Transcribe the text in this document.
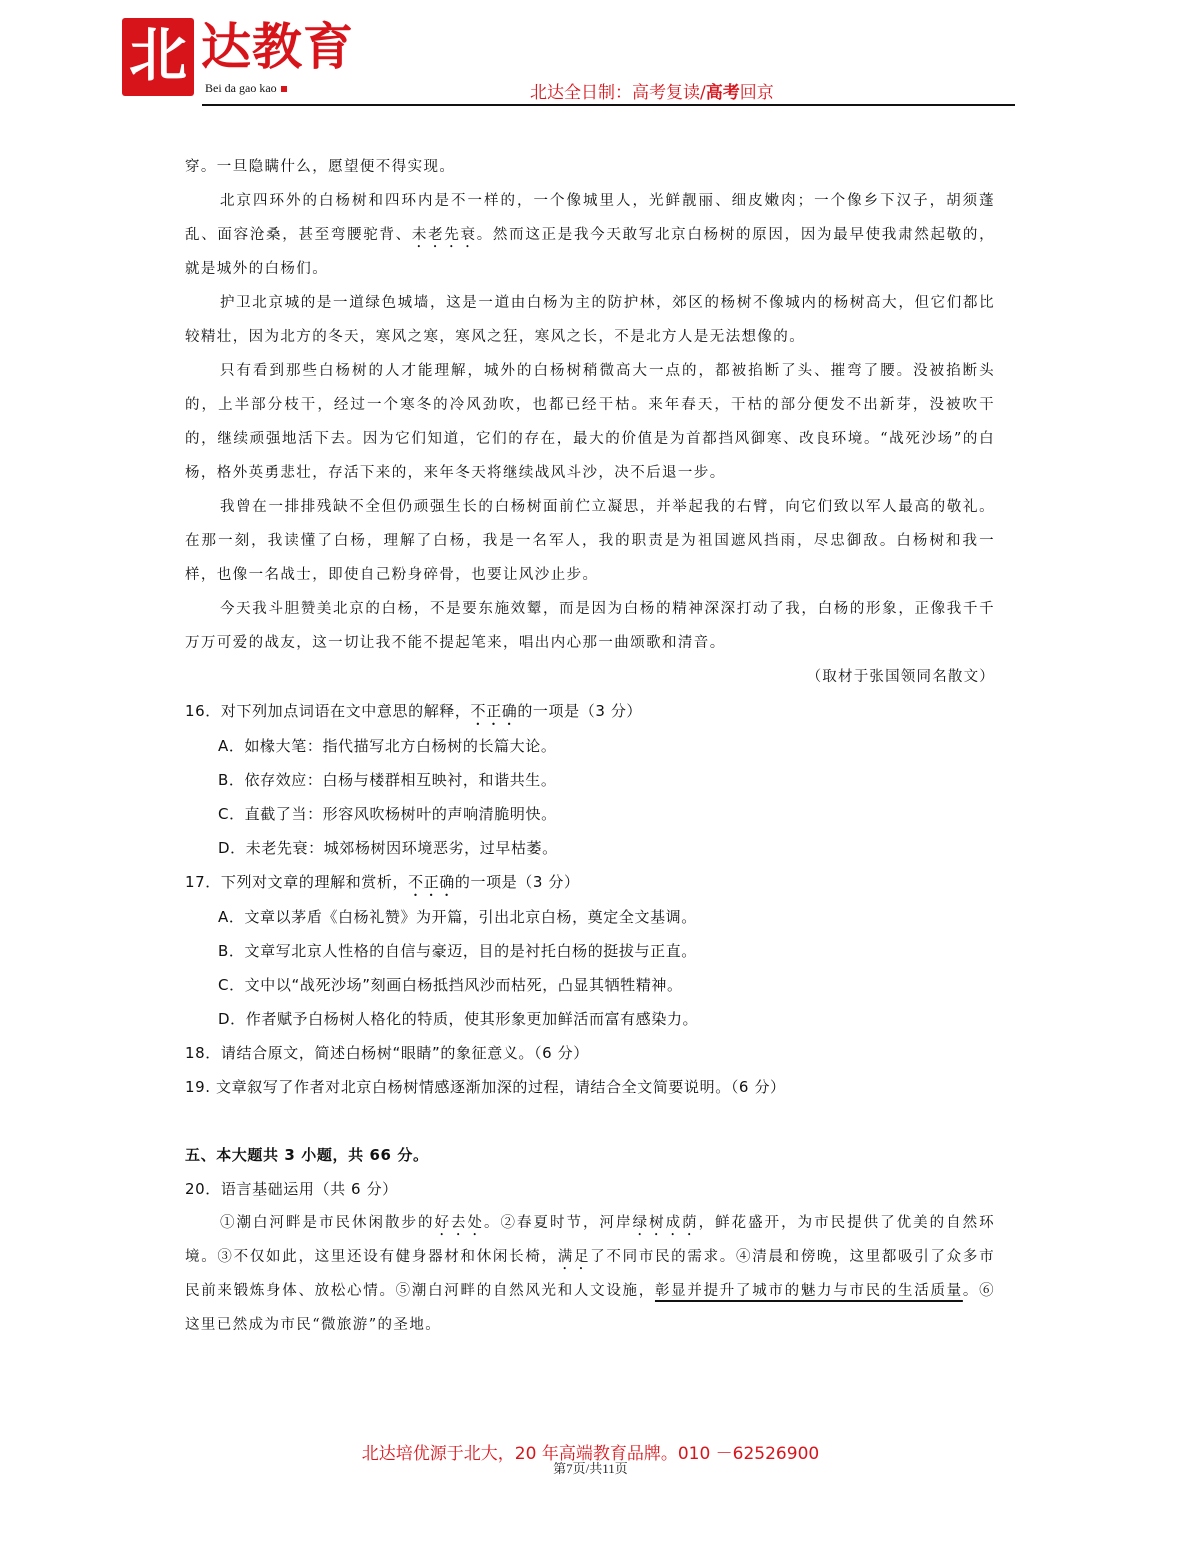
北 达教育
Bei da gao kao	北达全日制：高考复读/高考回京

穿。一旦隐瞒什么，愿望便不得实现。

北京四环外的白杨树和四环内是不一样的，一个像城里人，光鲜靓丽、细皮嫩肉；一个像乡下汉子，胡须蓬乱、面容沧桑，甚至弯腰驼背、未老先衰。然而这正是我今天敢写北京白杨树的原因，因为最早使我肃然起敬的，就是城外的白杨们。

护卫北京城的是一道绿色城墙，这是一道由白杨为主的防护林，郊区的杨树不像城内的杨树高大，但它们都比较精壮，因为北方的冬天，寒风之寒，寒风之狂，寒风之长，不是北方人是无法想像的。

只有看到那些白杨树的人才能理解，城外的白杨树稍微高大一点的，都被掐断了头、摧弯了腰。没被掐断头的，上半部分枝干，经过一个寒冬的冷风劲吹，也都已经干枯。来年春天，干枯的部分便发不出新芽，没被吹干的，继续顽强地活下去。因为它们知道，它们的存在，最大的价值是为首都挡风御寒、改良环境。“战死沙场”的白杨，格外英勇悲壮，存活下来的，来年冬天将继续战风斗沙，决不后退一步。

我曾在一排排残缺不全但仍顽强生长的白杨树面前伫立凝思，并举起我的右臂，向它们致以军人最高的敬礼。在那一刻，我读懂了白杨，理解了白杨，我是一名军人，我的职责是为祖国遮风挡雨，尽忠御敌。白杨树和我一样，也像一名战士，即使自己粉身碎骨，也要让风沙止步。

今天我斗胆赞美北京的白杨，不是要东施效颦，而是因为白杨的精神深深打动了我，白杨的形象，正像我千千万万可爱的战友，这一切让我不能不提起笔来，唱出内心那一曲颂歌和清音。

（取材于张国领同名散文）

16．对下列加点词语在文中意思的解释，不正确的一项是（3 分）

A．如椽大笔：指代描写北方白杨树的长篇大论。

B．依存效应：白杨与楼群相互映衬，和谐共生。

C．直截了当：形容风吹杨树叶的声响清脆明快。

D．未老先衰：城郊杨树因环境恶劣，过早枯萎。

17．下列对文章的理解和赏析，不正确的一项是（3 分）

A．文章以茅盾《白杨礼赞》为开篇，引出北京白杨，奠定全文基调。

B．文章写北京人性格的自信与豪迈，目的是衬托白杨的挺拔与正直。

C．文中以“战死沙场”刻画白杨抵挡风沙而枯死，凸显其牺牲精神。

D．作者赋予白杨树人格化的特质，使其形象更加鲜活而富有感染力。

18．请结合原文，简述白杨树“眼睛”的象征意义。（6 分）

19. 文章叙写了作者对北京白杨树情感逐渐加深的过程，请结合全文简要说明。（6 分）

五、本大题共 3 小题，共 66 分。

20．语言基础运用（共 6 分）

①潮白河畔是市民休闲散步的好去处。②春夏时节，河岸绿树成荫，鲜花盛开，为市民提供了优美的自然环境。③不仅如此，这里还设有健身器材和休闲长椅，满足了不同市民的需求。④清晨和傍晚，这里都吸引了众多市民前来锻炼身体、放松心情。⑤潮白河畔的自然风光和人文设施，彰显并提升了城市的魅力与市民的生活质量。⑥这里已然成为市民“微旅游”的圣地。

北达培优源于北大，20 年高端教育品牌。010 －62526900
第7页/共11页
